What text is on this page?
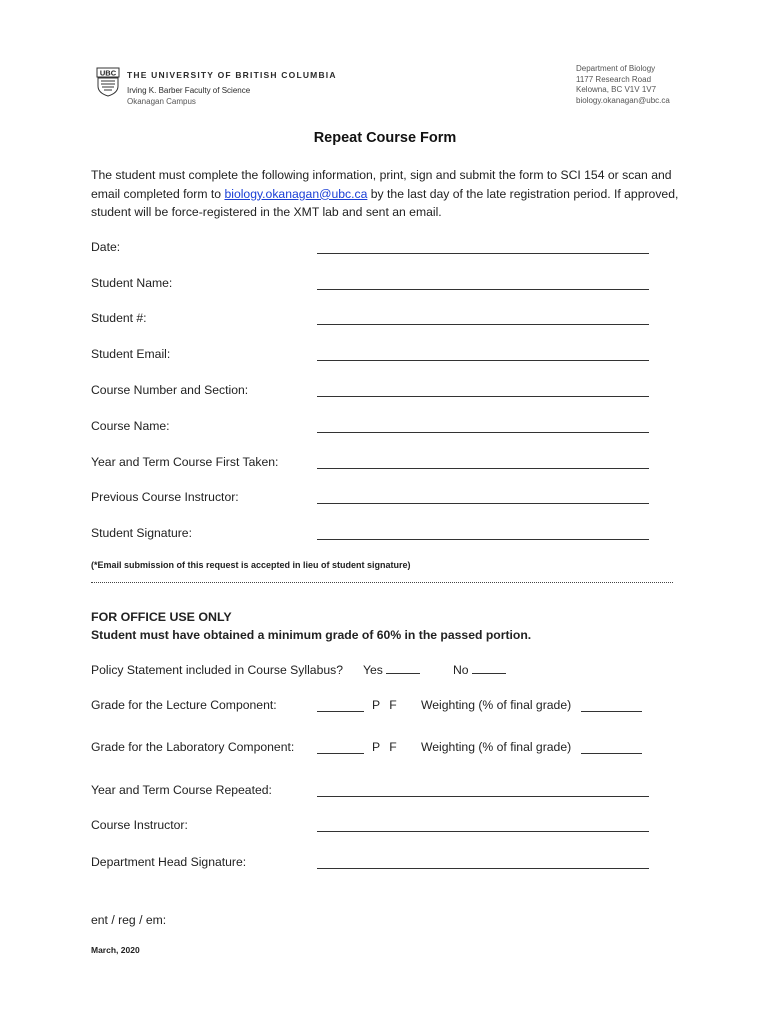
UBC THE UNIVERSITY OF BRITISH COLUMBIA
Irving K. Barber Faculty of Science
Okanagan Campus
Department of Biology
1177 Research Road
Kelowna, BC V1V 1V7
biology.okanagan@ubc.ca
Repeat Course Form
The student must complete the following information, print, sign and submit the form to SCI 154 or scan and email completed form to biology.okanagan@ubc.ca by the last day of the late registration period. If approved, student will be force-registered in the XMT lab and sent an email.
Date:
Student Name:
Student #:
Student Email:
Course Number and Section:
Course Name:
Year and Term Course First Taken:
Previous Course Instructor:
Student Signature:
(*Email submission of this request is accepted in lieu of student signature)
FOR OFFICE USE ONLY
Student must have obtained a minimum grade of 60% in the passed portion.
Policy Statement included in Course Syllabus? Yes	No
Grade for the Lecture Component:	P F Weighting (% of final grade)
Grade for the Laboratory Component:	P F Weighting (% of final grade)
Year and Term Course Repeated:
Course Instructor:
Department Head Signature:
ent / reg / em:
March, 2020
